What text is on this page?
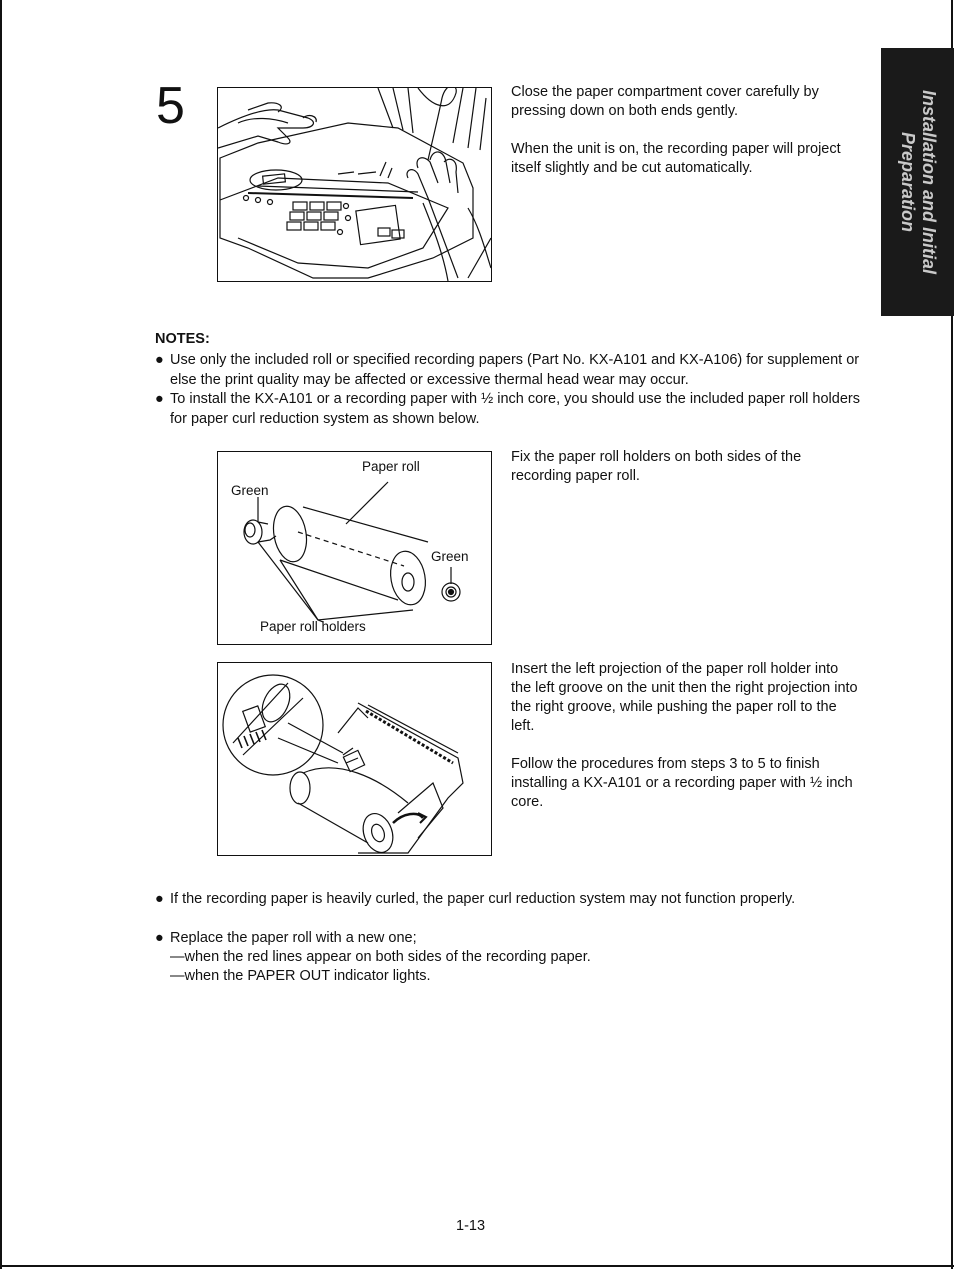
Installation and Initial
Preparation
5	Close the paper compartment cover carefully by pressing down on both ends gently.

When the unit is on, the recording paper will project itself slightly and be cut automatically.

NOTES:
● Use only the included roll or specified recording papers (Part No. KX-A101 and KX-A106) for supplement or else the print quality may be affected or excessive thermal head wear may occur.
● To install the KX-A101 or a recording paper with ½ inch core, you should use the included paper roll holders for paper curl reduction system as shown below.
Paper roll
Green
Green
Paper roll holders
Fix the paper roll holders on both sides of the recording paper roll.

Insert the left projection of the paper roll holder into the left groove on the unit then the right projection into the right groove, while pushing the paper roll to the left.

Follow the procedures from steps 3 to 5 to finish installing a KX-A101 or a recording paper with ½ inch core.

● If the recording paper is heavily curled, the paper curl reduction system may not function properly.
● Replace the paper roll with a new one;
—when the red lines appear on both sides of the recording paper.
—when the PAPER OUT indicator lights.
1-13
